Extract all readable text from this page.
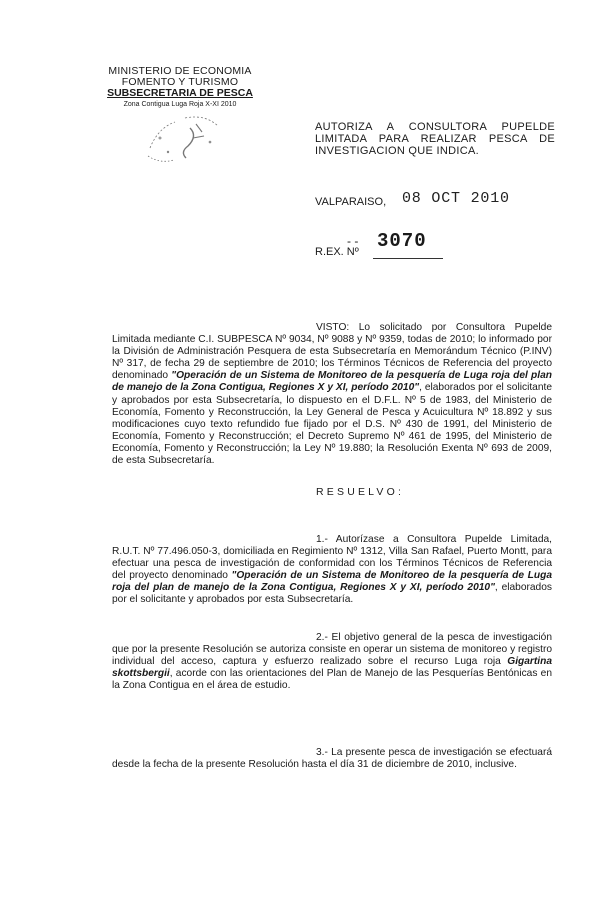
MINISTERIO DE ECONOMIA
FOMENTO Y TURISMO
SUBSECRETARIA DE PESCA
Zona Contigua Luga Roja X-XI 2010
AUTORIZA A CONSULTORA PUPELDE LIMITADA PARA REALIZAR PESCA DE INVESTIGACION QUE INDICA.
VALPARAISO, 08 OCT 2010
- -
R.EX. Nº 3070
VISTO: Lo solicitado por Consultora Pupelde Limitada mediante C.I. SUBPESCA Nº 9034, Nº 9088 y Nº 9359, todas de 2010; lo informado por la División de Administración Pesquera de esta Subsecretaría en Memorándum Técnico (P.INV) Nº 317, de fecha 29 de septiembre de 2010; los Términos Técnicos de Referencia del proyecto denominado "Operación de un Sistema de Monitoreo de la pesquería de Luga roja del plan de manejo de la Zona Contigua, Regiones X y XI, período 2010", elaborados por el solicitante y aprobados por esta Subsecretaría, lo dispuesto en el D.F.L. Nº 5 de 1983, del Ministerio de Economía, Fomento y Reconstrucción, la Ley General de Pesca y Acuicultura Nº 18.892 y sus modificaciones cuyo texto refundido fue fijado por el D.S. Nº 430 de 1991, del Ministerio de Economía, Fomento y Reconstrucción; el Decreto Supremo Nº 461 de 1995, del Ministerio de Economía, Fomento y Reconstrucción; la Ley Nº 19.880; la Resolución Exenta Nº 693 de 2009, de esta Subsecretaría.
RESUELVO:
1.- Autorízase a Consultora Pupelde Limitada, R.U.T. Nº 77.496.050-3, domiciliada en Regimiento Nº 1312, Villa San Rafael, Puerto Montt, para efectuar una pesca de investigación de conformidad con los Términos Técnicos de Referencia del proyecto denominado "Operación de un Sistema de Monitoreo de la pesquería de Luga roja del plan de manejo de la Zona Contigua, Regiones X y XI, período 2010", elaborados por el solicitante y aprobados por esta Subsecretaría.
2.- El objetivo general de la pesca de investigación que por la presente Resolución se autoriza consiste en operar un sistema de monitoreo y registro individual del acceso, captura y esfuerzo realizado sobre el recurso Luga roja Gigartina skottsbergii, acorde con las orientaciones del Plan de Manejo de las Pesquerías Bentónicas en la Zona Contigua en el área de estudio.
3.- La presente pesca de investigación se efectuará desde la fecha de la presente Resolución hasta el día 31 de diciembre de 2010, inclusive.
